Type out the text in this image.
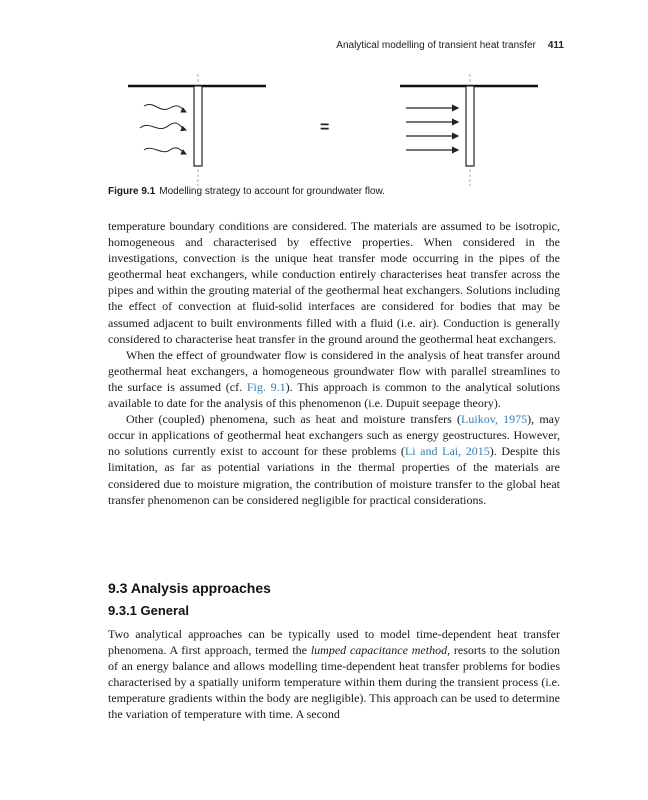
Analytical modelling of transient heat transfer 411
=
Figure 9.1 Modelling strategy to account for groundwater flow.

temperature boundary conditions are considered. The materials are assumed to be isotropic, homogeneous and characterised by effective properties. When considered in the investigations, convection is the unique heat transfer mode occurring in the pipes of the geothermal heat exchangers, while conduction entirely characterises heat transfer across the pipes and within the grouting material of the geothermal heat exchangers. Solutions including the effect of convection at fluid-solid interfaces are considered for bodies that may be assumed adjacent to built environments filled with a fluid (i.e. air). Conduction is generally considered to characterise heat transfer in the ground around the geothermal heat exchangers.

When the effect of groundwater flow is considered in the analysis of heat transfer around geothermal heat exchangers, a homogeneous groundwater flow with parallel streamlines to the surface is assumed (cf. Fig. 9.1). This approach is common to the analytical solutions available to date for the analysis of this phenomenon (i.e. Dupuit seepage theory).

Other (coupled) phenomena, such as heat and moisture transfers (Luikov, 1975), may occur in applications of geothermal heat exchangers such as energy geostructures. However, no solutions currently exist to account for these problems (Li and Lai, 2015). Despite this limitation, as far as potential variations in the thermal properties of the materials are considered due to moisture migration, the contribution of moisture transfer to the global heat transfer phenomenon can be considered negligible for practical considerations.

9.3 Analysis approaches
9.3.1 General

Two analytical approaches can be typically used to model time-dependent heat transfer phenomena. A first approach, termed the lumped capacitance method, resorts to the solution of an energy balance and allows modelling time-dependent heat transfer problems for bodies characterised by a spatially uniform temperature within them during the transient process (i.e. temperature gradients within the body are negligible). This approach can be used to determine the variation of temperature with time. A second
